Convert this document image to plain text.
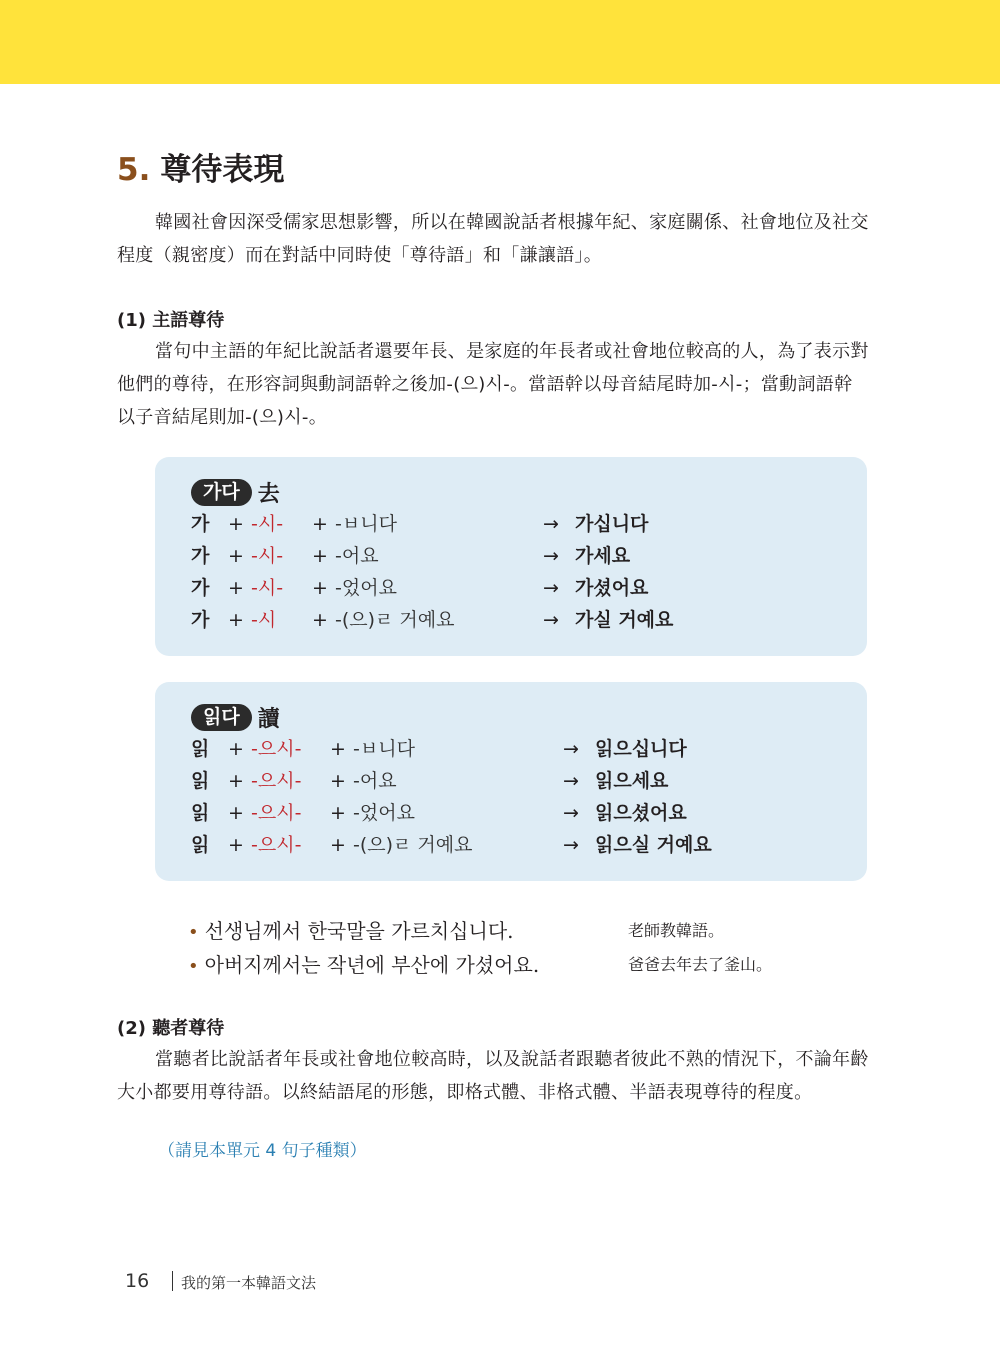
5. 尊待表現

韓國社會因深受儒家思想影響，所以在韓國說話者根據年紀、家庭關係、社會地位及社交程度（親密度）而在對話中同時使「尊待語」和「謙讓語」。

(1) 主語尊待

當句中主語的年紀比說話者還要年長、是家庭的年長者或社會地位較高的人，為了表示對他們的尊待，在形容詞與動詞語幹之後加-(으)시-。當語幹以母音結尾時加-시-；當動詞語幹以子音結尾則加-(으)시-。

가다 去
가 + -시- + -ㅂ니다	→ 가십니다
가 + -시- + -어요	→ 가세요
가 + -시- + -었어요	→ 가셨어요
가 + -시 + -(으)ㄹ 거예요	→ 가실 거예요
읽다 讀
읽 + -으시- + -ㅂ니다	→ 읽으십니다
읽 + -으시- + -어요	→ 읽으세요
읽 + -으시- + -었어요	→ 읽으셨어요
읽 + -으시- + -(으)ㄹ 거예요	→ 읽으실 거예요
• 선생님께서 한국말을 가르치십니다.	老師教韓語。
• 아버지께서는 작년에 부산에 가셨어요.	爸爸去年去了釜山。
(2) 聽者尊待

當聽者比說話者年長或社會地位較高時，以及說話者跟聽者彼此不熟的情況下，不論年齡大小都要用尊待語。以終結語尾的形態，即格式體、非格式體、半語表現尊待的程度。

（請見本單元 4 句子種類）

16 我的第一本韓語文法
